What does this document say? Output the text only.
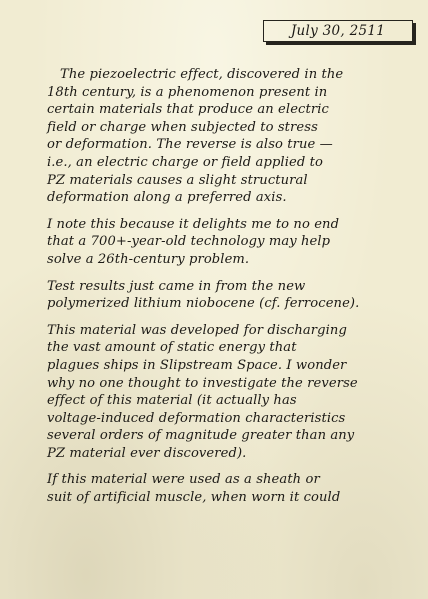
July 30, 2511

The piezoelectric effect, discovered in the
18th century, is a phenomenon present in
certain materials that produce an electric
field or charge when subjected to stress
or deformation. The reverse is also true —
i.e., an electric charge or field applied to
PZ materials causes a slight structural
deformation along a preferred axis.

I note this because it delights me to no end
that a 700+-year-old technology may help
solve a 26th-century problem.

Test results just came in from the new
polymerized lithium niobocene (cf. ferrocene).

This material was developed for discharging
the vast amount of static energy that
plagues ships in Slipstream Space. I wonder
why no one thought to investigate the reverse
effect of this material (it actually has
voltage-induced deformation characteristics
several orders of magnitude greater than any
PZ material ever discovered).

If this material were used as a sheath or
suit of artificial muscle, when worn it could
